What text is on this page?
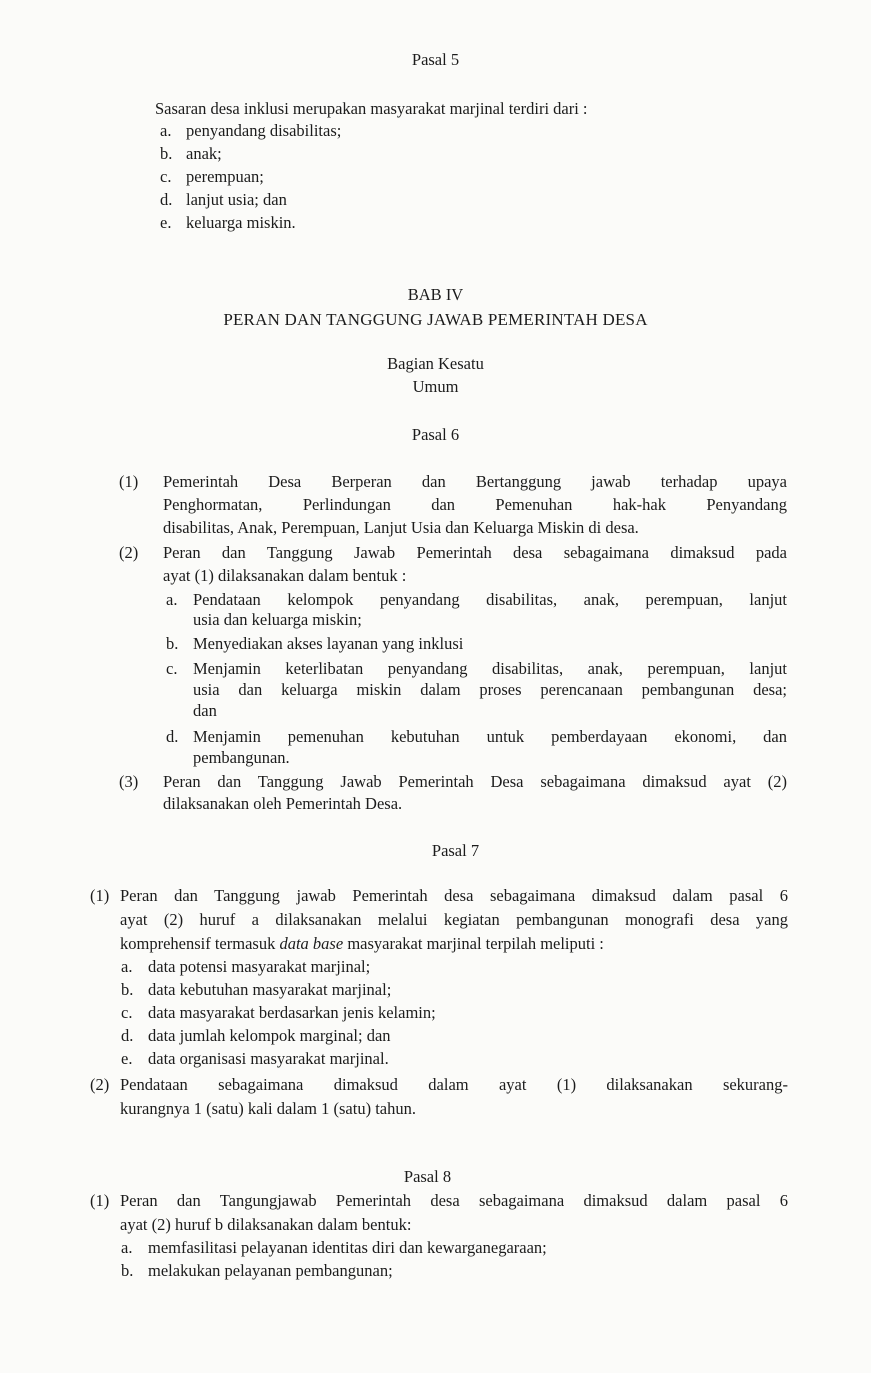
Pasal 5
Sasaran desa inklusi merupakan masyarakat marjinal terdiri dari :
a. penyandang disabilitas;
b. anak;
c. perempuan;
d. lanjut usia; dan
e. keluarga miskin.
BAB IV
PERAN DAN TANGGUNG JAWAB PEMERINTAH DESA
Bagian Kesatu
Umum
Pasal 6
(1) Pemerintah Desa Berperan dan Bertanggung jawab terhadap upaya
Penghormatan, Perlindungan dan Pemenuhan hak-hak Penyandang
disabilitas, Anak, Perempuan, Lanjut Usia dan Keluarga Miskin di desa.
(2) Peran dan Tanggung Jawab Pemerintah desa sebagaimana dimaksud pada
ayat (1) dilaksanakan dalam bentuk :
a. Pendataan kelompok penyandang disabilitas, anak, perempuan, lanjut
usia dan keluarga miskin;
b. Menyediakan akses layanan yang inklusi
c. Menjamin keterlibatan penyandang disabilitas, anak, perempuan, lanjut
usia dan keluarga miskin dalam proses perencanaan pembangunan desa;
dan
d. Menjamin pemenuhan kebutuhan untuk pemberdayaan ekonomi, dan
pembangunan.
(3) Peran dan Tanggung Jawab Pemerintah Desa sebagaimana dimaksud ayat (2)
dilaksanakan oleh Pemerintah Desa.
Pasal 7
(1) Peran dan Tanggung jawab Pemerintah desa sebagaimana dimaksud dalam pasal 6
ayat (2) huruf a dilaksanakan melalui kegiatan pembangunan monografi desa yang
komprehensif termasuk data base masyarakat marjinal terpilah meliputi :
a. data potensi masyarakat marjinal;
b. data kebutuhan masyarakat marjinal;
c. data masyarakat berdasarkan jenis kelamin;
d. data jumlah kelompok marginal; dan
e. data organisasi masyarakat marjinal.
(2) Pendataan sebagaimana dimaksud dalam ayat (1) dilaksanakan sekurang-
kurangnya 1 (satu) kali dalam 1 (satu) tahun.
Pasal 8
(1) Peran dan Tangungjawab Pemerintah desa sebagaimana dimaksud dalam pasal 6
ayat (2) huruf b dilaksanakan dalam bentuk:
a. memfasilitasi pelayanan identitas diri dan kewarganegaraan;
b. melakukan pelayanan pembangunan;
